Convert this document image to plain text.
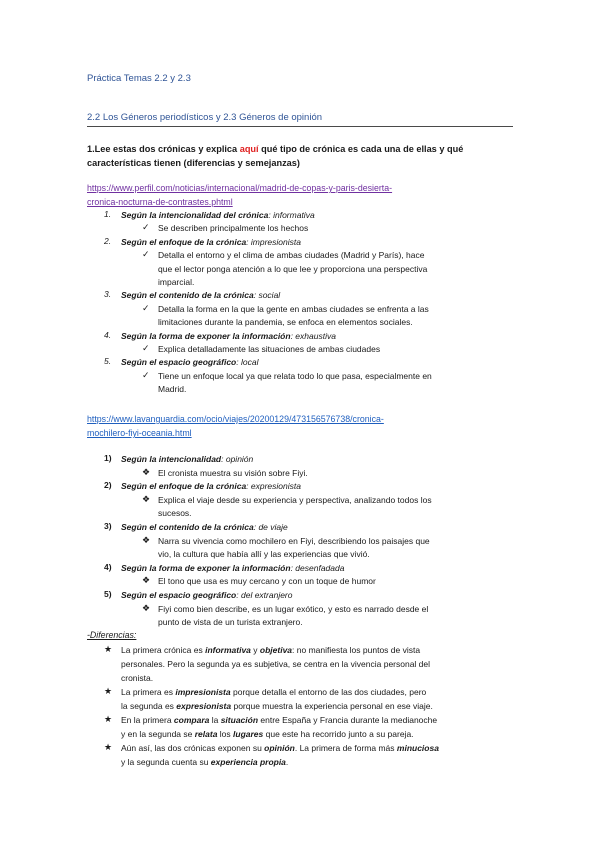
Práctica Temas 2.2 y 2.3
2.2 Los Géneros periodísticos y 2.3 Géneros de opinión
1.Lee estas dos crónicas y explica aquí qué tipo de crónica es cada una de ellas y qué características tienen (diferencias y semejanzas)
https://www.perfil.com/noticias/internacional/madrid-de-copas-y-paris-desierta-
cronica-nocturna-de-contrastes.phtml
1. Según la intencionalidad del crónica: informativa
✓ Se describen principalmente los hechos
2. Según el enfoque de la crónica: impresionista
✓ Detalla el entorno y el clima de ambas ciudades (Madrid y París), hace
que el lector ponga atención a lo que lee y proporciona una perspectiva
imparcial.
3. Según el contenido de la crónica: social
✓ Detalla la forma en la que la gente en ambas ciudades se enfrenta a las
limitaciones durante la pandemia, se enfoca en elementos sociales.
4. Según la forma de exponer la información: exhaustiva
✓ Explica detalladamente las situaciones de ambas ciudades
5. Según el espacio geográfico: local
✓ Tiene un enfoque local ya que relata todo lo que pasa, especialmente en
Madrid.
https://www.lavanguardia.com/ocio/viajes/20200129/473156576738/cronica-
mochilero-fiyi-oceania.html
1) Según la intencionalidad: opinión
❖ El cronista muestra su visión sobre Fiyi.
2) Según el enfoque de la crónica: expresionista
❖ Explica el viaje desde su experiencia y perspectiva, analizando todos los
sucesos.
3) Según el contenido de la crónica: de viaje
❖ Narra su vivencia como mochilero en Fiyi, describiendo los paisajes que
vio, la cultura que había allí y las experiencias que vivió.
4) Según la forma de exponer la información: desenfadada
❖ El tono que usa es muy cercano y con un toque de humor
5) Según el espacio geográfico: del extranjero
❖ Fiyi como bien describe, es un lugar exótico, y esto es narrado desde el
punto de vista de un turista extranjero.
-Diferencias:
★ La primera crónica es informativa y objetiva: no manifiesta los puntos de vista
personales. Pero la segunda ya es subjetiva, se centra en la vivencia personal del
cronista.
★ La primera es impresionista porque detalla el entorno de las dos ciudades, pero
la segunda es expresionista porque muestra la experiencia personal en ese viaje.
★ En la primera compara la situación entre España y Francia durante la medianoche
y en la segunda se relata los lugares que este ha recorrido junto a su pareja.
★ Aún así, las dos crónicas exponen su opinión. La primera de forma más minuciosa
y la segunda cuenta su experiencia propia.
